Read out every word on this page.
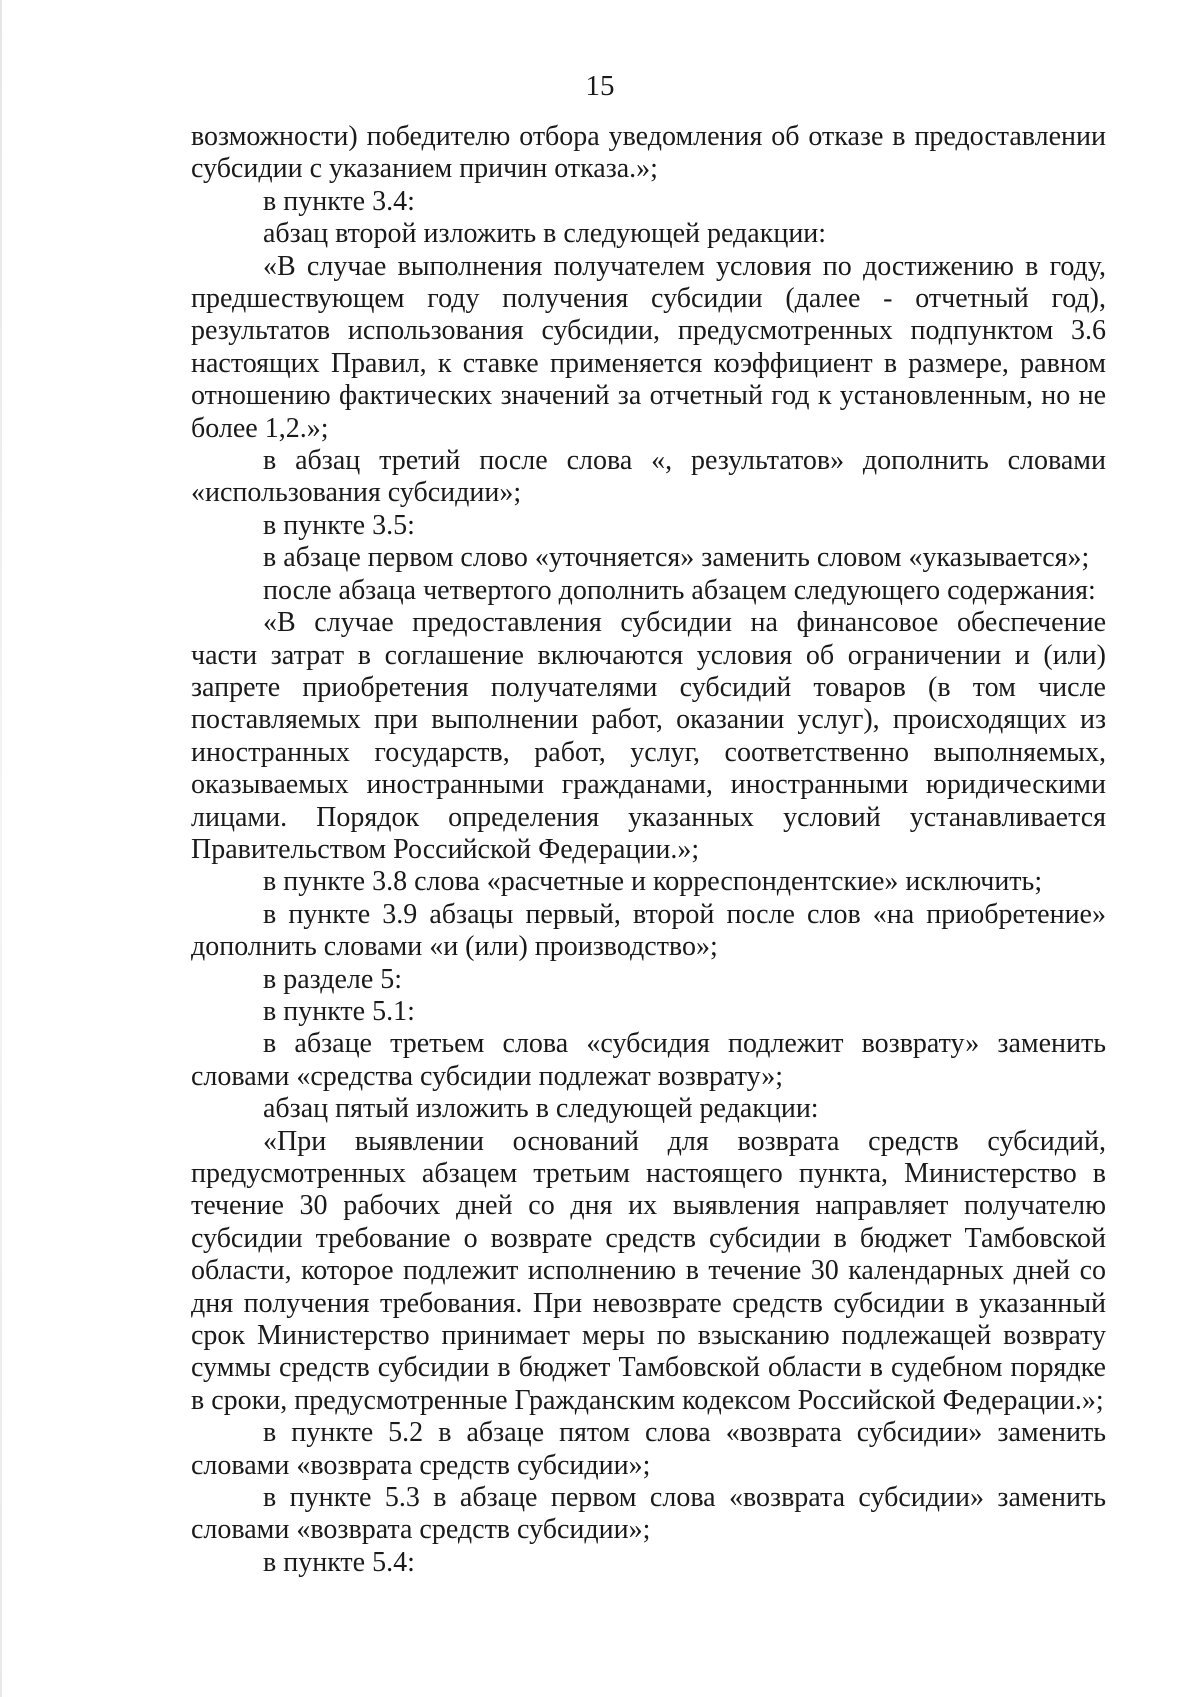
15

возможности) победителю отбора уведомления об отказе в предоставлении субсидии с указанием причин отказа.»;

в пункте 3.4:

абзац второй изложить в следующей редакции:

«В случае выполнения получателем условия по достижению в году, предшествующем году получения субсидии (далее - отчетный год), результатов использования субсидии, предусмотренных подпунктом 3.6 настоящих Правил, к ставке применяется коэффициент в размере, равном отношению фактических значений за отчетный год к установленным, но не более 1,2.»;

в абзац третий после слова «, результатов» дополнить словами «использования субсидии»;

в пункте 3.5:

в абзаце первом слово «уточняется» заменить словом «указывается»;

после абзаца четвертого дополнить абзацем следующего содержания:

«В случае предоставления субсидии на финансовое обеспечение части затрат в соглашение включаются условия об ограничении и (или) запрете приобретения получателями субсидий товаров (в том числе поставляемых при выполнении работ, оказании услуг), происходящих из иностранных государств, работ, услуг, соответственно выполняемых, оказываемых иностранными гражданами, иностранными юридическими лицами. Порядок определения указанных условий устанавливается Правительством Российской Федерации.»;

в пункте 3.8 слова «расчетные и корреспондентские» исключить;

в пункте 3.9 абзацы первый, второй после слов «на приобретение» дополнить словами «и (или) производство»;

в разделе 5:

в пункте 5.1:

в абзаце третьем слова «субсидия подлежит возврату» заменить словами «средства субсидии подлежат возврату»;

абзац пятый изложить в следующей редакции:

«При выявлении оснований для возврата средств субсидий, предусмотренных абзацем третьим настоящего пункта, Министерство в течение 30 рабочих дней со дня их выявления направляет получателю субсидии требование о возврате средств субсидии в бюджет Тамбовской области, которое подлежит исполнению в течение 30 календарных дней со дня получения требования. При невозврате средств субсидии в указанный срок Министерство принимает меры по взысканию подлежащей возврату суммы средств субсидии в бюджет Тамбовской области в судебном порядке в сроки, предусмотренные Гражданским кодексом Российской Федерации.»;

в пункте 5.2 в абзаце пятом слова «возврата субсидии» заменить словами «возврата средств субсидии»;

в пункте 5.3 в абзаце первом слова «возврата субсидии» заменить словами «возврата средств субсидии»;

в пункте 5.4:
